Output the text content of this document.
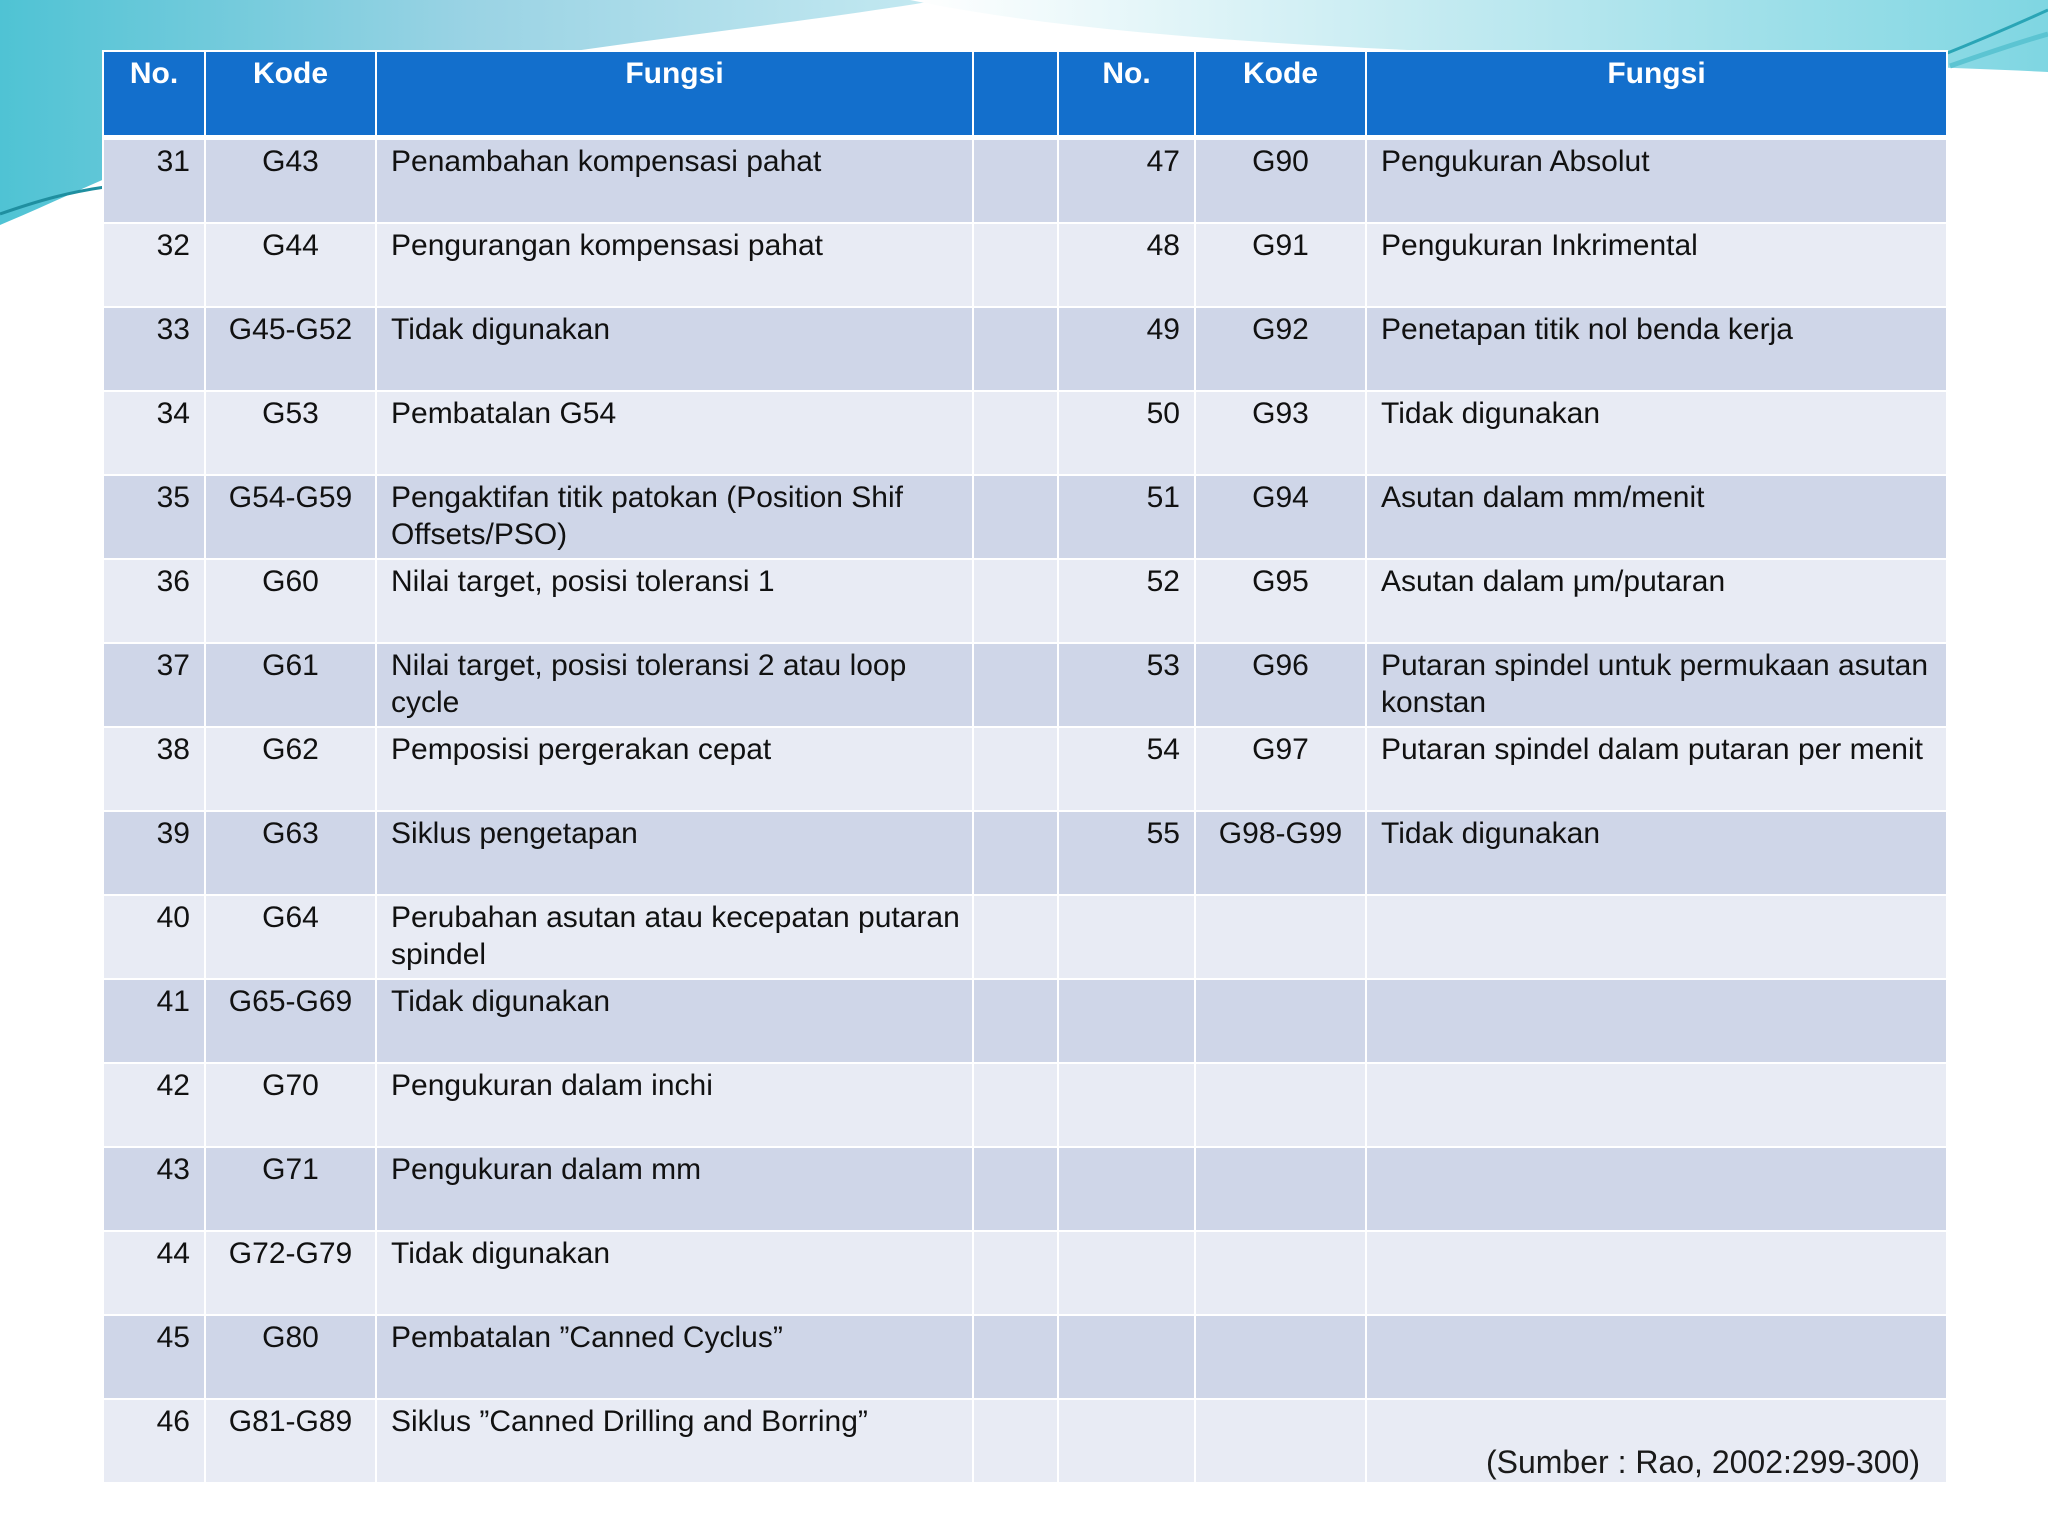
No.	Kode	Fungsi		No.	Kode	Fungsi
31	G43	Penambahan kompensasi pahat		47	G90	Pengukuran Absolut
32	G44	Pengurangan kompensasi pahat		48	G91	Pengukuran Inkrimental
33	G45-G52	Tidak digunakan		49	G92	Penetapan titik nol benda kerja
34	G53	Pembatalan G54		50	G93	Tidak digunakan
35	G54-G59	Pengaktifan titik patokan (Position Shif Offsets/PSO)		51	G94	Asutan dalam mm/menit
36	G60	Nilai target, posisi toleransi 1		52	G95	Asutan dalam μm/putaran
37	G61	Nilai target, posisi toleransi 2 atau loop cycle		53	G96	Putaran spindel untuk permukaan asutan konstan
38	G62	Pemposisi pergerakan cepat		54	G97	Putaran spindel dalam putaran per menit
39	G63	Siklus pengetapan		55	G98-G99	Tidak digunakan
40	G64	Perubahan asutan atau kecepatan putaran spindel				
41	G65-G69	Tidak digunakan				
42	G70	Pengukuran dalam inchi				
43	G71	Pengukuran dalam mm				
44	G72-G79	Tidak digunakan				
45	G80	Pembatalan ”Canned Cyclus”				
46	G81-G89	Siklus ”Canned Drilling and Borring”				(Sumber : Rao, 2002:299-300)
